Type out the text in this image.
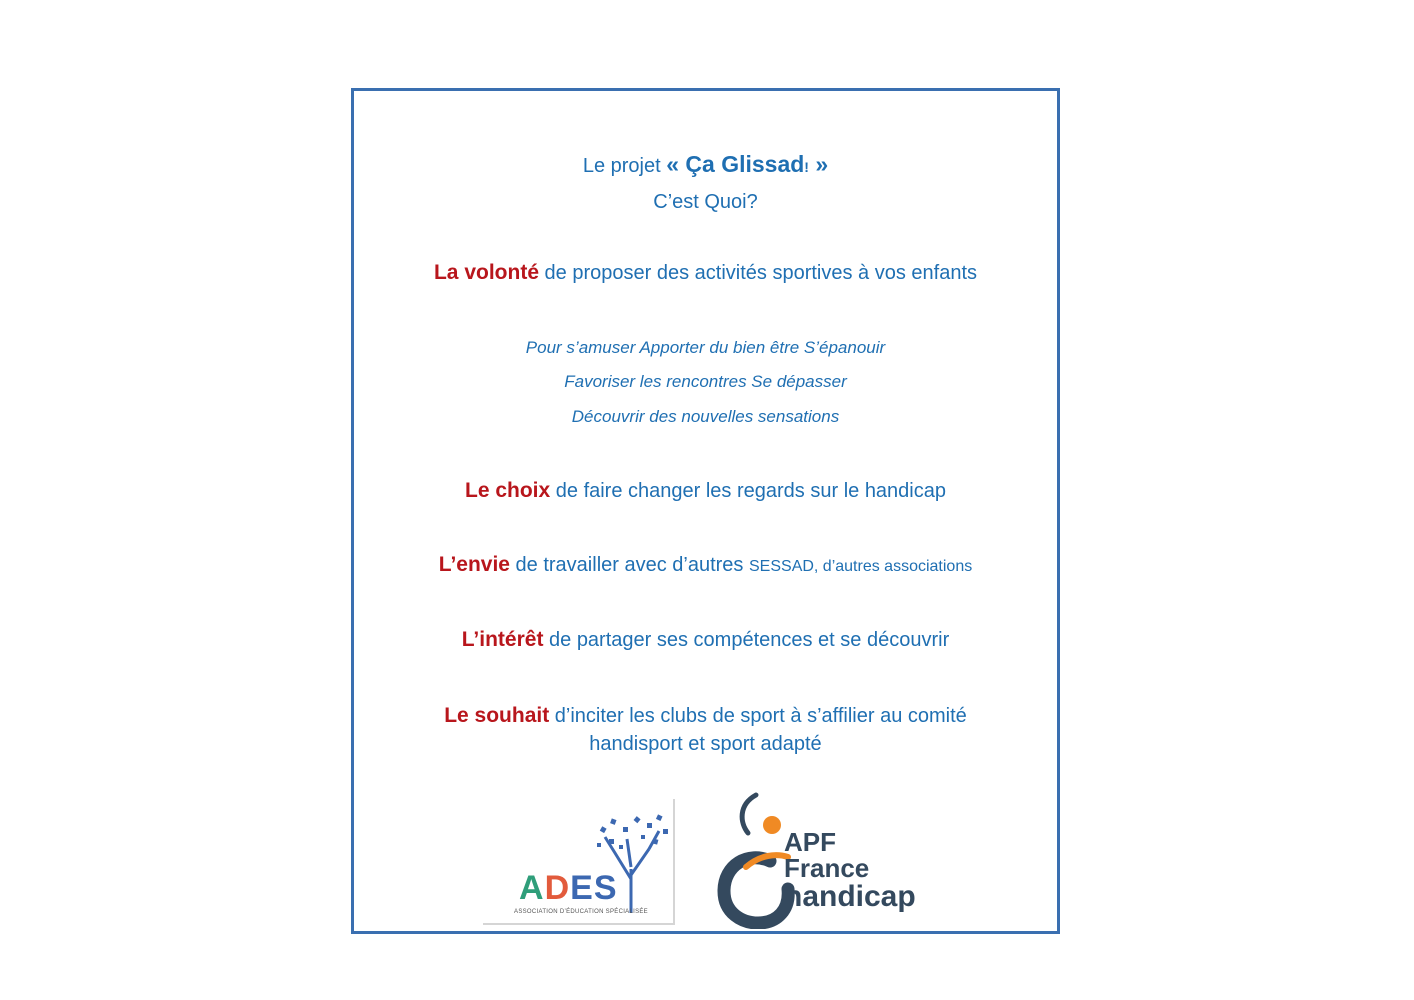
Le projet « Ça Glissad! »
C’est Quoi?
La volonté de proposer des activités sportives à vos enfants
Pour s’amuser Apporter du bien être S’épanouir
Favoriser les rencontres Se dépasser
Découvrir des nouvelles sensations
Le choix de faire changer les regards sur le handicap
L’envie de travailler avec d’autres SESSAD, d’autres associations
L’intérêt de partager ses compétences et se découvrir
Le souhait d’inciter les clubs de sport à s’affilier au comité
handisport et sport adapté
ADES
ASSOCIATION D’ÉDUCATION SPÉCIALISÉE
APF
France
handicap
